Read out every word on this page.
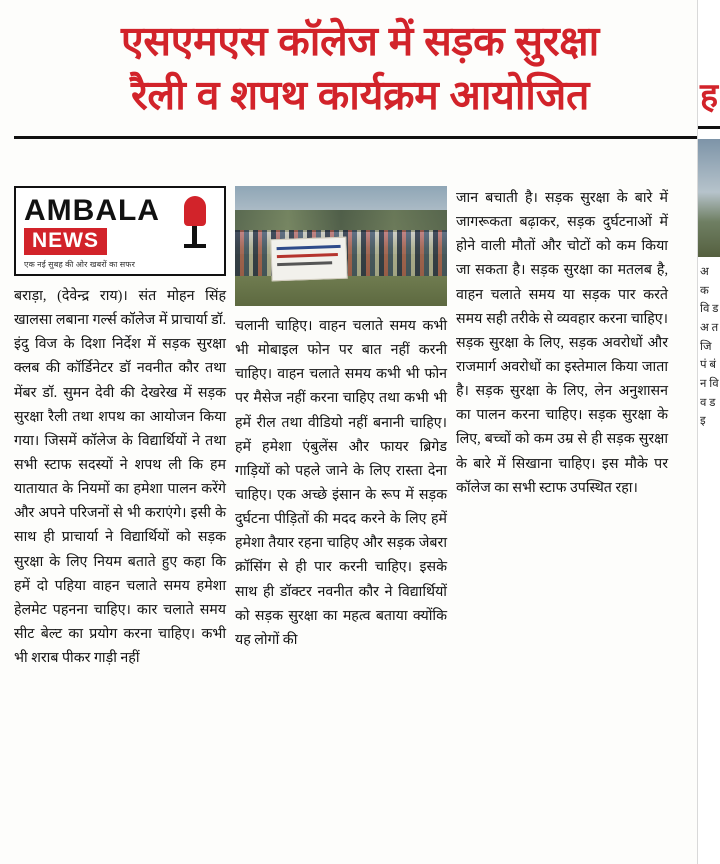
एसएमएस कॉलेज में सड़क सुरक्षा
रैली व शपथ कार्यक्रम आयोजित	ह
अ क वि ड अ त जि पं बं न वि व ड इ
AMBALA
NEWS
एक नई सुबह की ओर खबरों का सफर
बराड़ा, (देवेन्द्र राय)। संत मोहन सिंह खालसा लबाना गर्ल्स कॉलेज में प्राचार्या डॉ. इंदु विज के दिशा निर्देश में सड़क सुरक्षा क्लब की कॉर्डिनेटर डॉ नवनीत कौर तथा मेंबर डॉ. सुमन देवी की देखरेख में सड़क सुरक्षा रैली तथा शपथ का आयोजन किया गया। जिसमें कॉलेज के विद्यार्थियों ने तथा सभी स्टाफ सदस्यों ने शपथ ली कि हम यातायात के नियमों का हमेशा पालन करेंगे और अपने परिजनों से भी कराएंगे। इसी के साथ ही प्राचार्या ने विद्यार्थियों को सड़क सुरक्षा के लिए नियम बताते हुए कहा कि हमें दो पहिया वाहन चलाते समय हमेशा हेलमेट पहनना चाहिए। कार चलाते समय सीट बेल्ट का प्रयोग करना चाहिए। कभी भी शराब पीकर गाड़ी नहीं
चलानी चाहिए। वाहन चलाते समय कभी भी मोबाइल फोन पर बात नहीं करनी चाहिए। वाहन चलाते समय कभी भी फोन पर मैसेज नहीं करना चाहिए तथा कभी भी हमें रील तथा वीडियो नहीं बनानी चाहिए। हमें हमेशा एंबुलेंस और फायर ब्रिगेड गाड़ियों को पहले जाने के लिए रास्ता देना चाहिए। एक अच्छे इंसान के रूप में सड़क दुर्घटना पीड़ितों की मदद करने के लिए हमें हमेशा तैयार रहना चाहिए और सड़क जेबरा क्रॉसिंग से ही पार करनी चाहिए। इसके साथ ही डॉक्टर नवनीत कौर ने विद्यार्थियों को सड़क सुरक्षा का महत्व बताया क्योंकि यह लोगों की
जान बचाती है। सड़क सुरक्षा के बारे में जागरूकता बढ़ाकर, सड़क दुर्घटनाओं में होने वाली मौतों और चोटों को कम किया जा सकता है। सड़क सुरक्षा का मतलब है, वाहन चलाते समय या सड़क पार करते समय सही तरीके से व्यवहार करना चाहिए। सड़क सुरक्षा के लिए, सड़क अवरोधों और राजमार्ग अवरोधों का इस्तेमाल किया जाता है। सड़क सुरक्षा के लिए, लेन अनुशासन का पालन करना चाहिए। सड़क सुरक्षा के लिए, बच्चों को कम उम्र से ही सड़क सुरक्षा के बारे में सिखाना चाहिए। इस मौके पर कॉलेज का सभी स्टाफ उपस्थित रहा।
